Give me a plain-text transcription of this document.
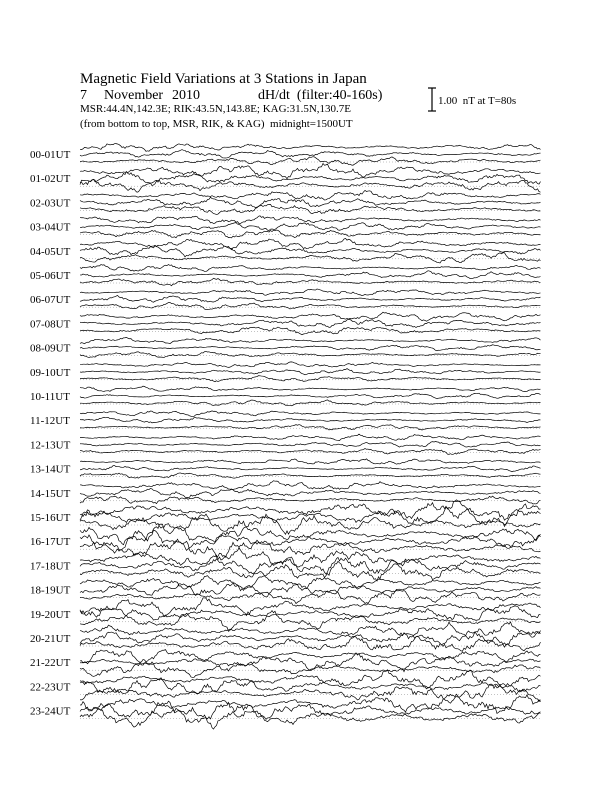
Magnetic Field Variations at 3 Stations in Japan
7 November 2010	dH/dt  (filter:40-160s)
MSR:44.4N,142.3E; RIK:43.5N,143.8E; KAG:31.5N,130.7E
(from bottom to top, MSR, RIK, & KAG)  midnight=1500UT
1.00  nT at T=80s
00-01UT
01-02UT
02-03UT
03-04UT
04-05UT
05-06UT
06-07UT
07-08UT
08-09UT
09-10UT
10-11UT
11-12UT
12-13UT
13-14UT
14-15UT
15-16UT
16-17UT
17-18UT
18-19UT
19-20UT
20-21UT
21-22UT
22-23UT
23-24UT
